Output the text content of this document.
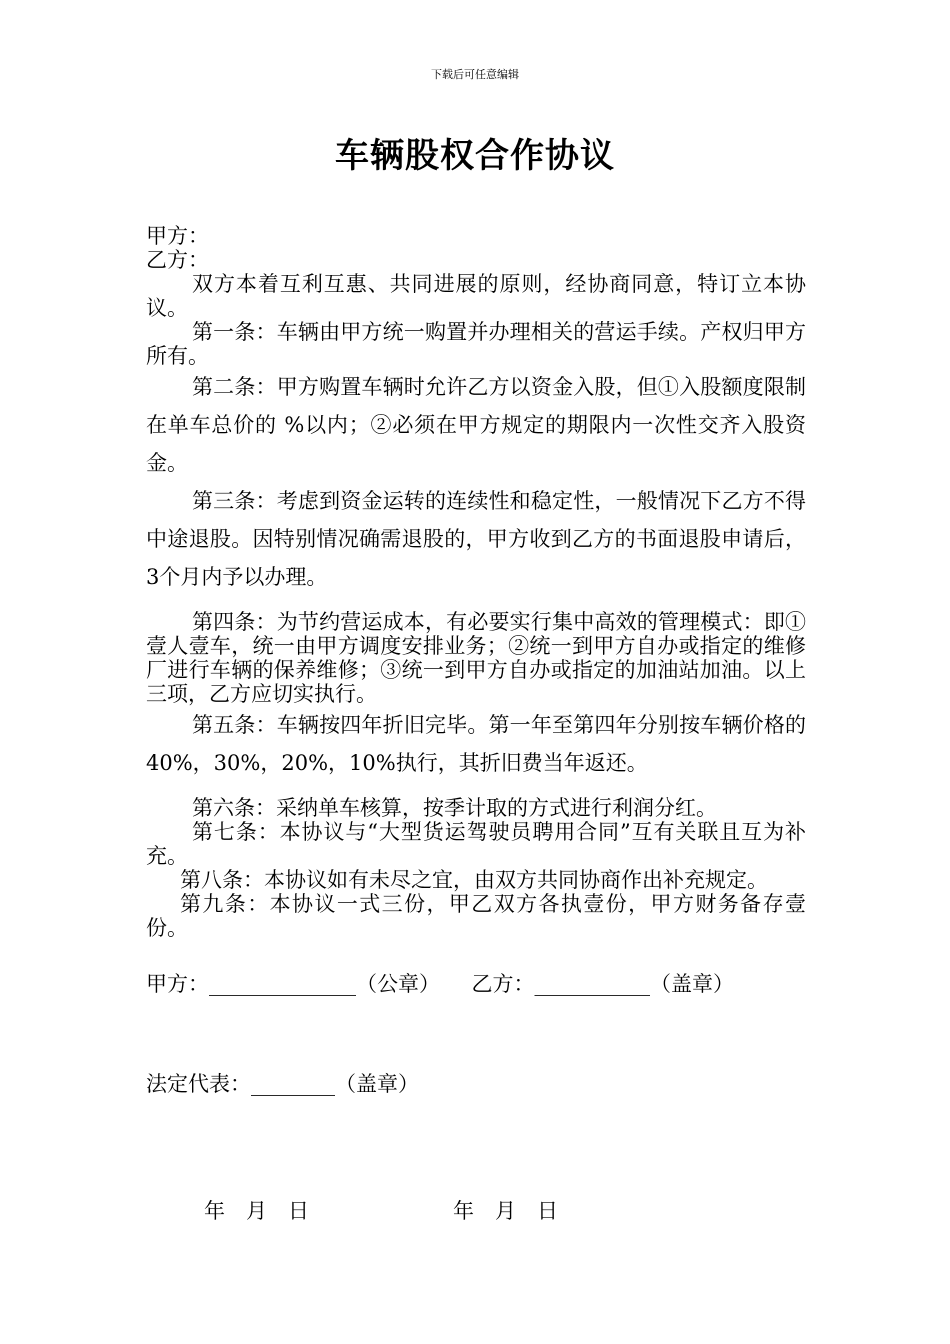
下载后可任意编辑
车辆股权合作协议

甲方：

乙方：

双方本着互利互惠、共同进展的原则，经协商同意，特订立本协议。

第一条：车辆由甲方统一购置并办理相关的营运手续。产权归甲方所有。

第二条：甲方购置车辆时允许乙方以资金入股，但①入股额度限制在单车总价的 %以内；②必须在甲方规定的期限内一次性交齐入股资金。

第三条：考虑到资金运转的连续性和稳定性，一般情况下乙方不得中途退股。因特别情况确需退股的，甲方收到乙方的书面退股申请后，3个月内予以办理。

第四条：为节约营运成本，有必要实行集中高效的管理模式：即①壹人壹车，统一由甲方调度安排业务；②统一到甲方自办或指定的维修厂进行车辆的保养维修；③统一到甲方自办或指定的加油站加油。以上三项，乙方应切实执行。

第五条：车辆按四年折旧完毕。第一年至第四年分别按车辆价格的40%，30%，20%，10%执行，其折旧费当年返还。

第六条：采纳单车核算，按季计取的方式进行利润分红。

第七条：本协议与“大型货运驾驶员聘用合同”互有关联且互为补充。

第八条：本协议如有未尽之宜，由双方共同协商作出补充规定。

第九条：本协议一式三份，甲乙双方各执壹份，甲方财务备存壹份。

甲方：______________（公章）　　乙方：___________（盖章）
法定代表：________（盖章）
年　月　日	年　月　日
